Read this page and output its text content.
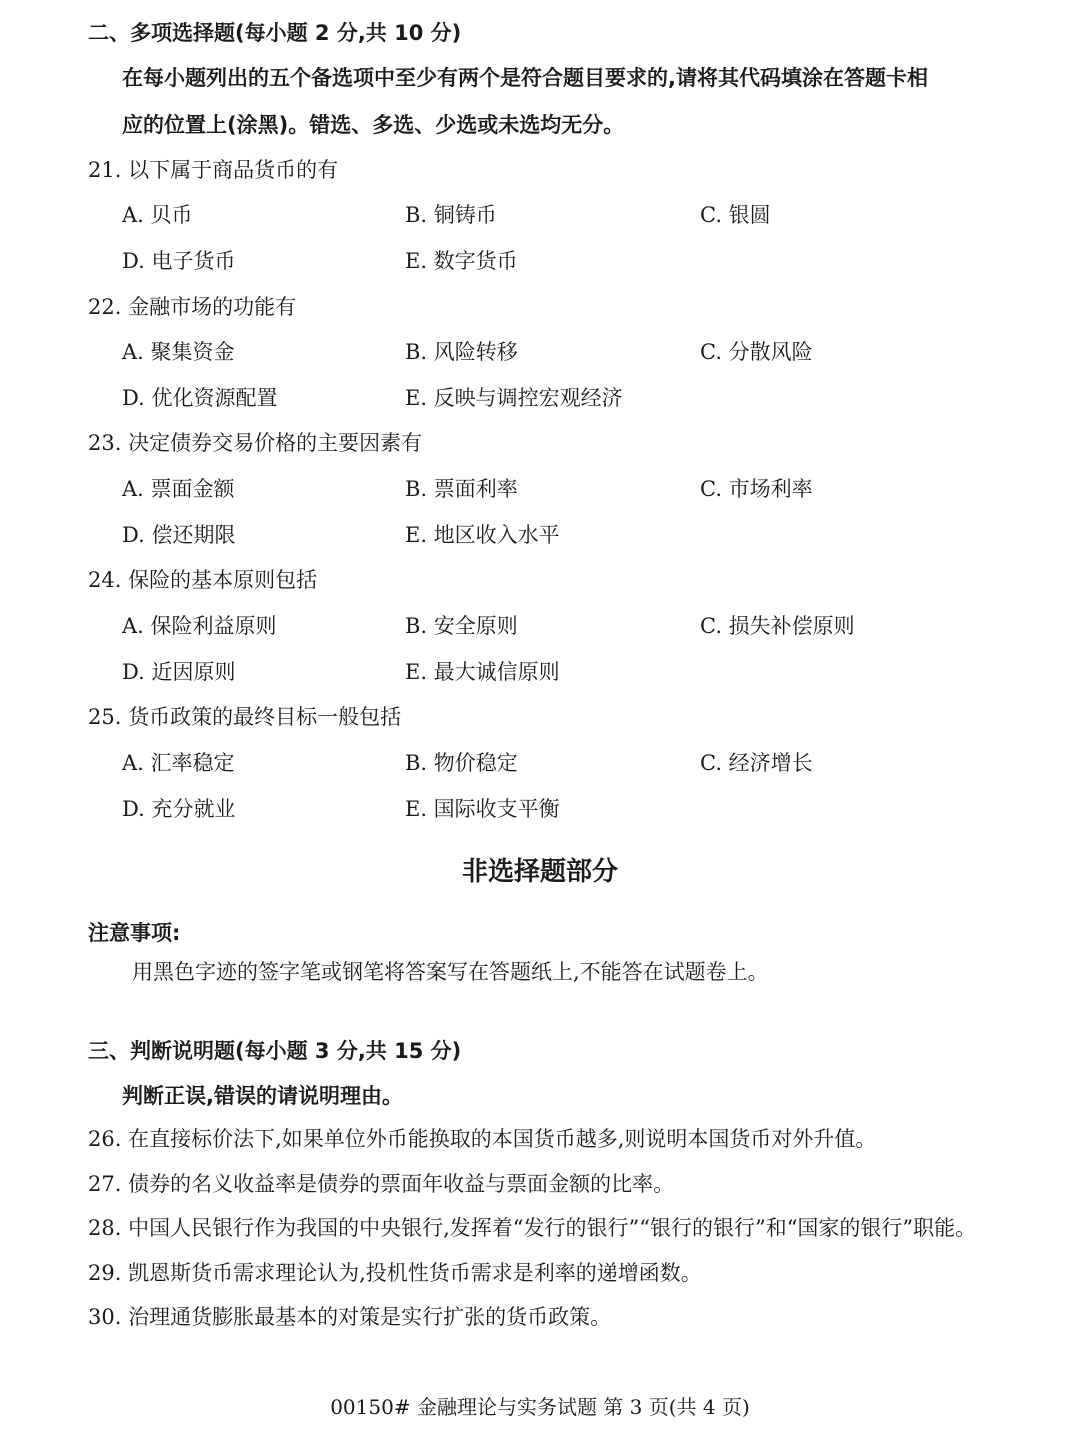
二、多项选择题(每小题 2 分,共 10 分)
在每小题列出的五个备选项中至少有两个是符合题目要求的,请将其代码填涂在答题卡相
应的位置上(涂黑)。错选、多选、少选或未选均无分。
21. 以下属于商品货币的有
A. 贝币	B. 铜铸币	C. 银圆
D. 电子货币	E. 数字货币
22. 金融市场的功能有
A. 聚集资金	B. 风险转移	C. 分散风险
D. 优化资源配置	E. 反映与调控宏观经济
23. 决定债券交易价格的主要因素有
A. 票面金额	B. 票面利率	C. 市场利率
D. 偿还期限	E. 地区收入水平
24. 保险的基本原则包括
A. 保险利益原则	B. 安全原则	C. 损失补偿原则
D. 近因原则	E. 最大诚信原则
25. 货币政策的最终目标一般包括
A. 汇率稳定	B. 物价稳定	C. 经济增长
D. 充分就业	E. 国际收支平衡
非选择题部分
注意事项:
用黑色字迹的签字笔或钢笔将答案写在答题纸上,不能答在试题卷上。
三、判断说明题(每小题 3 分,共 15 分)
判断正误,错误的请说明理由。
26. 在直接标价法下,如果单位外币能换取的本国货币越多,则说明本国货币对外升值。
27. 债券的名义收益率是债券的票面年收益与票面金额的比率。
28. 中国人民银行作为我国的中央银行,发挥着“发行的银行”“银行的银行”和“国家的银行”职能。
29. 凯恩斯货币需求理论认为,投机性货币需求是利率的递增函数。
30. 治理通货膨胀最基本的对策是实行扩张的货币政策。
00150# 金融理论与实务试题 第 3 页(共 4 页)
